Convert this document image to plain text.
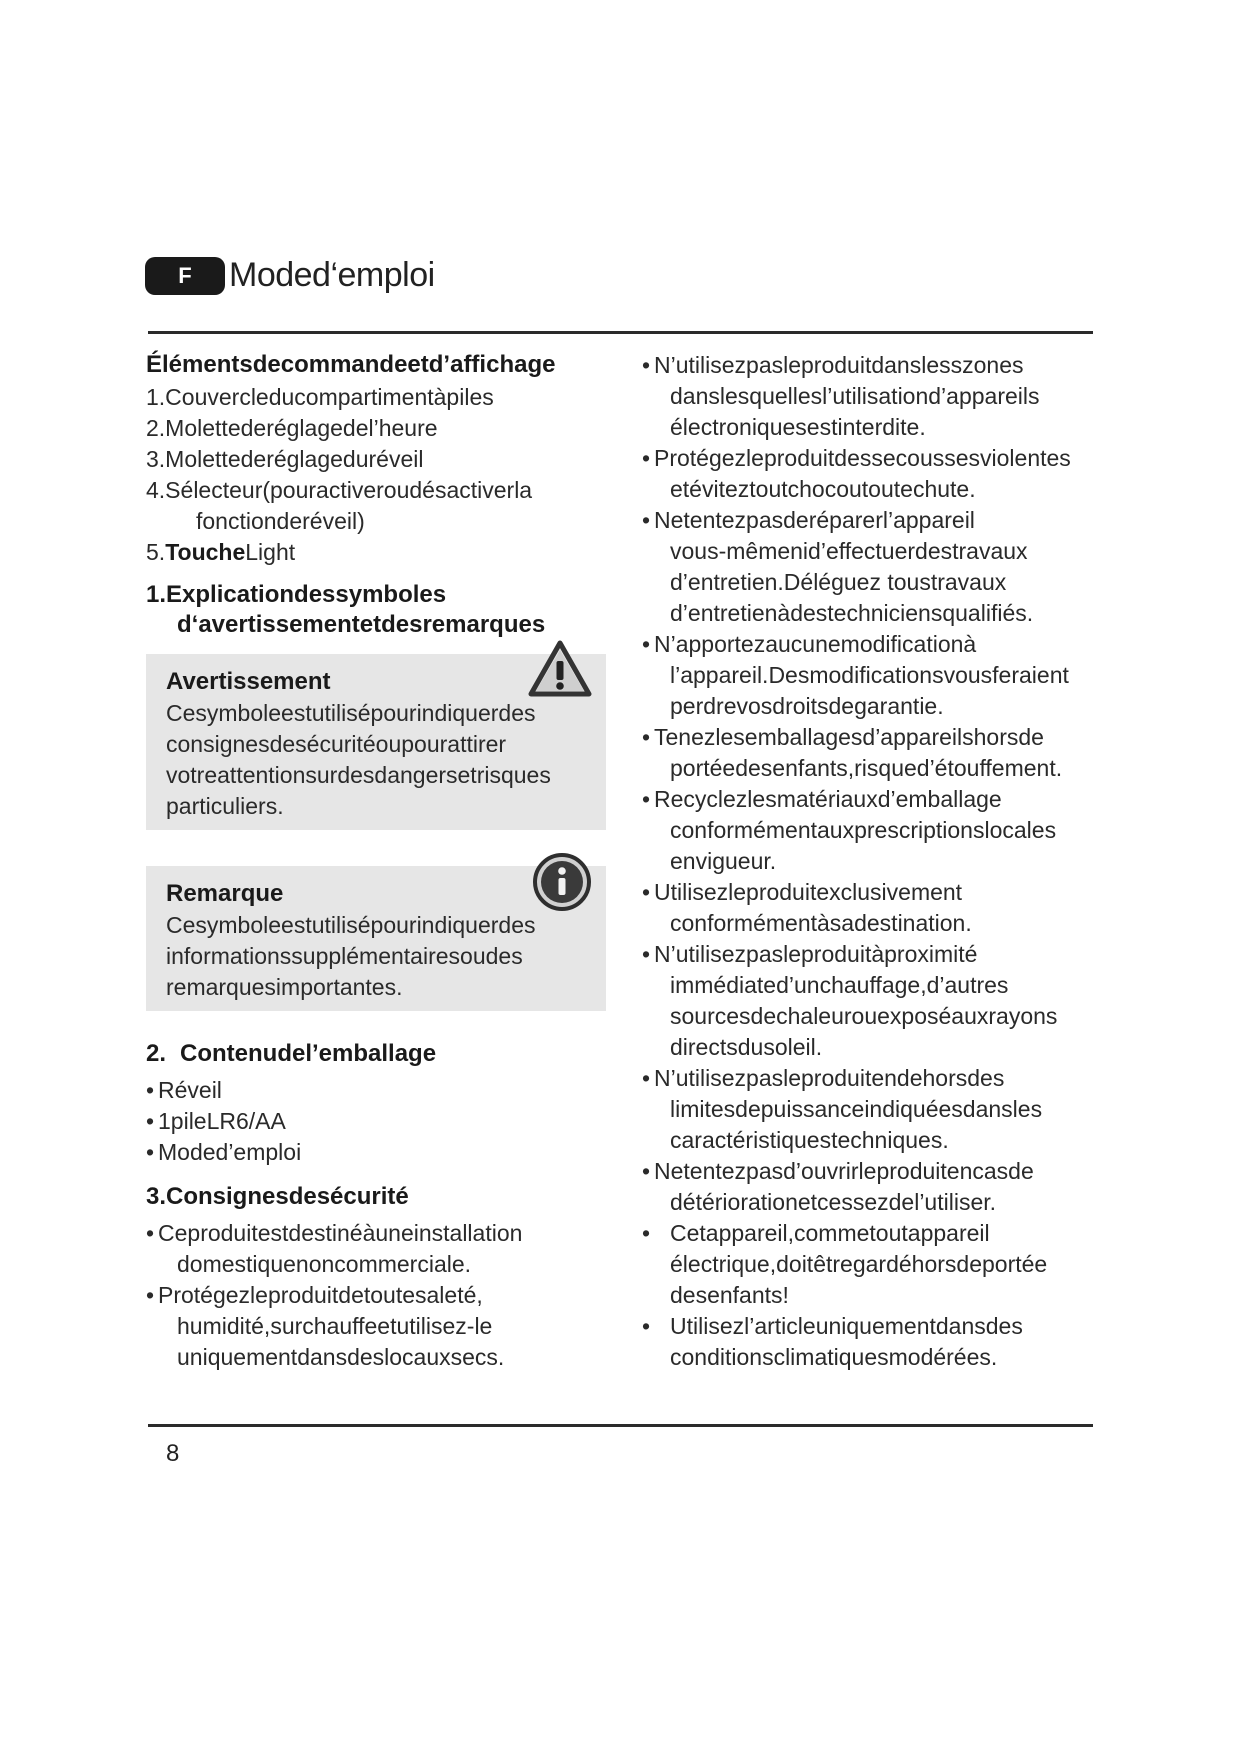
F	Moded‘emploi
Élémentsdecommandeetd’affichage
1.Couvercleducompartimentàpiles
2.Molettederéglagedel’heure
3.Molettederéglageduréveil
4.Sélecteur(pouractiveroudésactiverla
fonctionderéveil)
5.ToucheLight
1.Explicationdessymboles
d‘avertissementetdesremarques
Avertissement
Cesymboleestutilisépourindiquerdes
consignesdesécuritéoupourattirer
votreattentionsurdesdangersetrisques
particuliers.
Remarque
Cesymboleestutilisépourindiquerdes
informationssupplémentairesoudes
remarquesimportantes.
2. Contenudel’emballage
• Réveil
• 1pileLR6/AA
• Moded’emploi
3.Consignesdesécurité
• Ceproduitestdestinéàuneinstallation
domestiquenoncommerciale.
• Protégezleproduitdetoutesaleté,
humidité,surchauffeetutilisez-le
uniquementdansdeslocauxsecs.
• N’utilisezpasleproduitdanslesszones
danslesquellesl’utilisationd’appareils
électroniquesestinterdite.
• Protégezleproduitdessecoussesviolentes
etéviteztoutchocoutoutechute.
• Netentezpasderéparerl’appareil
vous-mêmenid’effectuerdestravaux
d’entretien.Déléguez toustravaux
d’entretienàdestechniciensqualifiés.
• N’apportezaucunemodificationà
l’appareil.Desmodificationsvousferaient
perdrevosdroitsdegarantie.
• Tenezlesemballagesd’appareilshorsde
portéedesenfants,risqued’étouffement.
• Recyclezlesmatériauxd’emballage
conformémentauxprescriptionslocales
envigueur.
• Utilisezleproduitexclusivement
conformémentàsadestination.
• N’utilisezpasleproduitàproximité
immédiated’unchauffage,d’autres
sourcesdechaleurouexposéauxrayons
directsdusoleil.
• N’utilisezpasleproduitendehorsdes
limitesdepuissanceindiquéesdansles
caractéristiquestechniques.
• Netentezpasd’ouvrirleproduitencasde
détériorationetcessezdel’utiliser.
• Cetappareil,commetoutappareil
électrique,doitêtregardéhorsdeportée
desenfants!
• Utilisezl’articleuniquementdansdes
conditionsclimatiquesmodérées.
8
